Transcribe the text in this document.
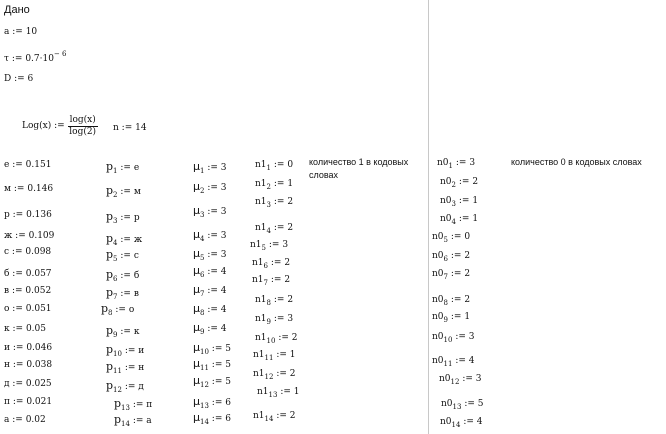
Дано
a := 10
τ := $0.7\cdot 10^{- 6}$
D := 6
Log(x) := $\frac{\log(x)}{\log(2)}$ n := 14
количество 1 в кодовых
словах
количество 0 в кодовых словах
е := 0.151
м := 0.146
р := 0.136
ж := 0.109
с := 0.098
б := 0.057
в := 0.052
о := 0.051
к := 0.05
и := 0.046
н := 0.038
д := 0.025
п := 0.021
а := 0.02
$p_1$ := е
$p_2$ := м
$p_3$ := р
$p_4$ := ж
$p_5$ := с
$p_6$ := б
$p_7$ := в
$p_8$ := о
$p_9$ := к
$p_{10}$ := и
$p_{11}$ := н
$p_{12}$ := д
$p_{13}$ := п
$p_{14}$ := а
$\mu_1$ := 3
$\mu_2$ := 3
$\mu_3$ := 3
$\mu_4$ := 3
$\mu_5$ := 3
$\mu_6$ := 4
$\mu_7$ := 4
$\mu_8$ := 4
$\mu_9$ := 4
$\mu_{10}$ := 5
$\mu_{11}$ := 5
$\mu_{12}$ := 5
$\mu_{13}$ := 6
$\mu_{14}$ := 6
$n1_1$ := 0
$n1_2$ := 1
$n1_3$ := 2
$n1_4$ := 2
$n1_5$ := 3
$n1_6$ := 2
$n1_7$ := 2
$n1_8$ := 2
$n1_9$ := 3
$n1_{10}$ := 2
$n1_{11}$ := 1
$n1_{12}$ := 2
$n1_{13}$ := 1
$n1_{14}$ := 2
$n0_1$ := 3
$n0_2$ := 2
$n0_3$ := 1
$n0_4$ := 1
$n0_5$ := 0
$n0_6$ := 2
$n0_7$ := 2
$n0_8$ := 2
$n0_9$ := 1
$n0_{10}$ := 3
$n0_{11}$ := 4
$n0_{12}$ := 3
$n0_{13}$ := 5
$n0_{14}$ := 4
